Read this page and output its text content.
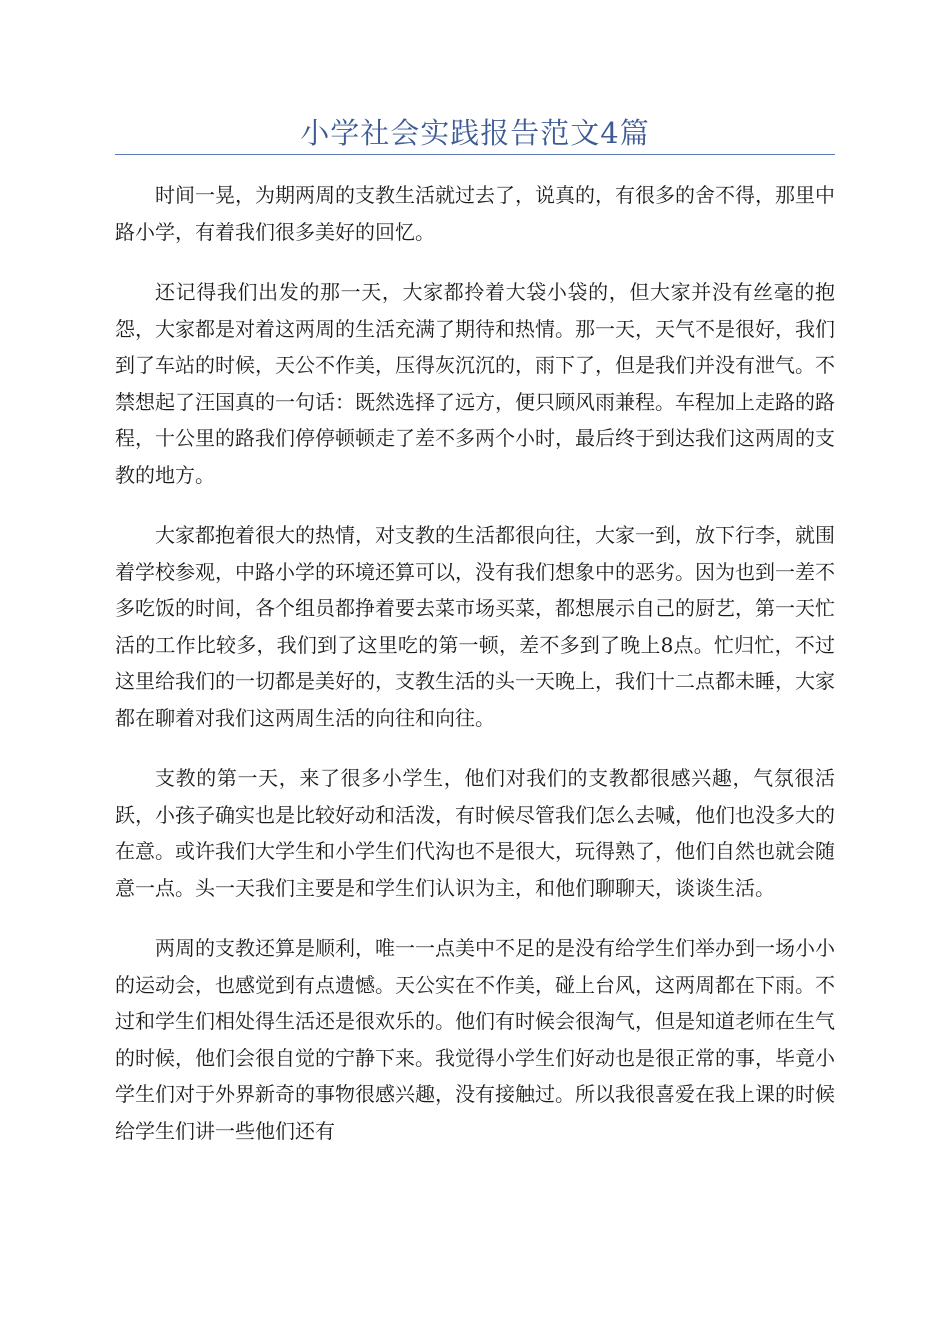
小学社会实践报告范文4篇

时间一晃，为期两周的支教生活就过去了，说真的，有很多的舍不得，那里中路小学，有着我们很多美好的回忆。

还记得我们出发的那一天，大家都拎着大袋小袋的，但大家并没有丝毫的抱怨，大家都是对着这两周的生活充满了期待和热情。那一天，天气不是很好，我们到了车站的时候，天公不作美，压得灰沉沉的，雨下了，但是我们并没有泄气。不禁想起了汪国真的一句话：既然选择了远方，便只顾风雨兼程。车程加上走路的路程，十公里的路我们停停顿顿走了差不多两个小时，最后终于到达我们这两周的支教的地方。

大家都抱着很大的热情，对支教的生活都很向往，大家一到，放下行李，就围着学校参观，中路小学的环境还算可以，没有我们想象中的恶劣。因为也到一差不多吃饭的时间，各个组员都挣着要去菜市场买菜，都想展示自己的厨艺，第一天忙活的工作比较多，我们到了这里吃的第一顿，差不多到了晚上8点。忙归忙，不过这里给我们的一切都是美好的，支教生活的头一天晚上，我们十二点都未睡，大家都在聊着对我们这两周生活的向往和向往。

支教的第一天，来了很多小学生，他们对我们的支教都很感兴趣，气氛很活跃，小孩子确实也是比较好动和活泼，有时候尽管我们怎么去喊，他们也没多大的在意。或许我们大学生和小学生们代沟也不是很大，玩得熟了，他们自然也就会随意一点。头一天我们主要是和学生们认识为主，和他们聊聊天，谈谈生活。

两周的支教还算是顺利，唯一一点美中不足的是没有给学生们举办到一场小小的运动会，也感觉到有点遗憾。天公实在不作美，碰上台风，这两周都在下雨。不过和学生们相处得生活还是很欢乐的。他们有时候会很淘气，但是知道老师在生气的时候，他们会很自觉的宁静下来。我觉得小学生们好动也是很正常的事，毕竟小学生们对于外界新奇的事物很感兴趣，没有接触过。所以我很喜爱在我上课的时候给学生们讲一些他们还有
